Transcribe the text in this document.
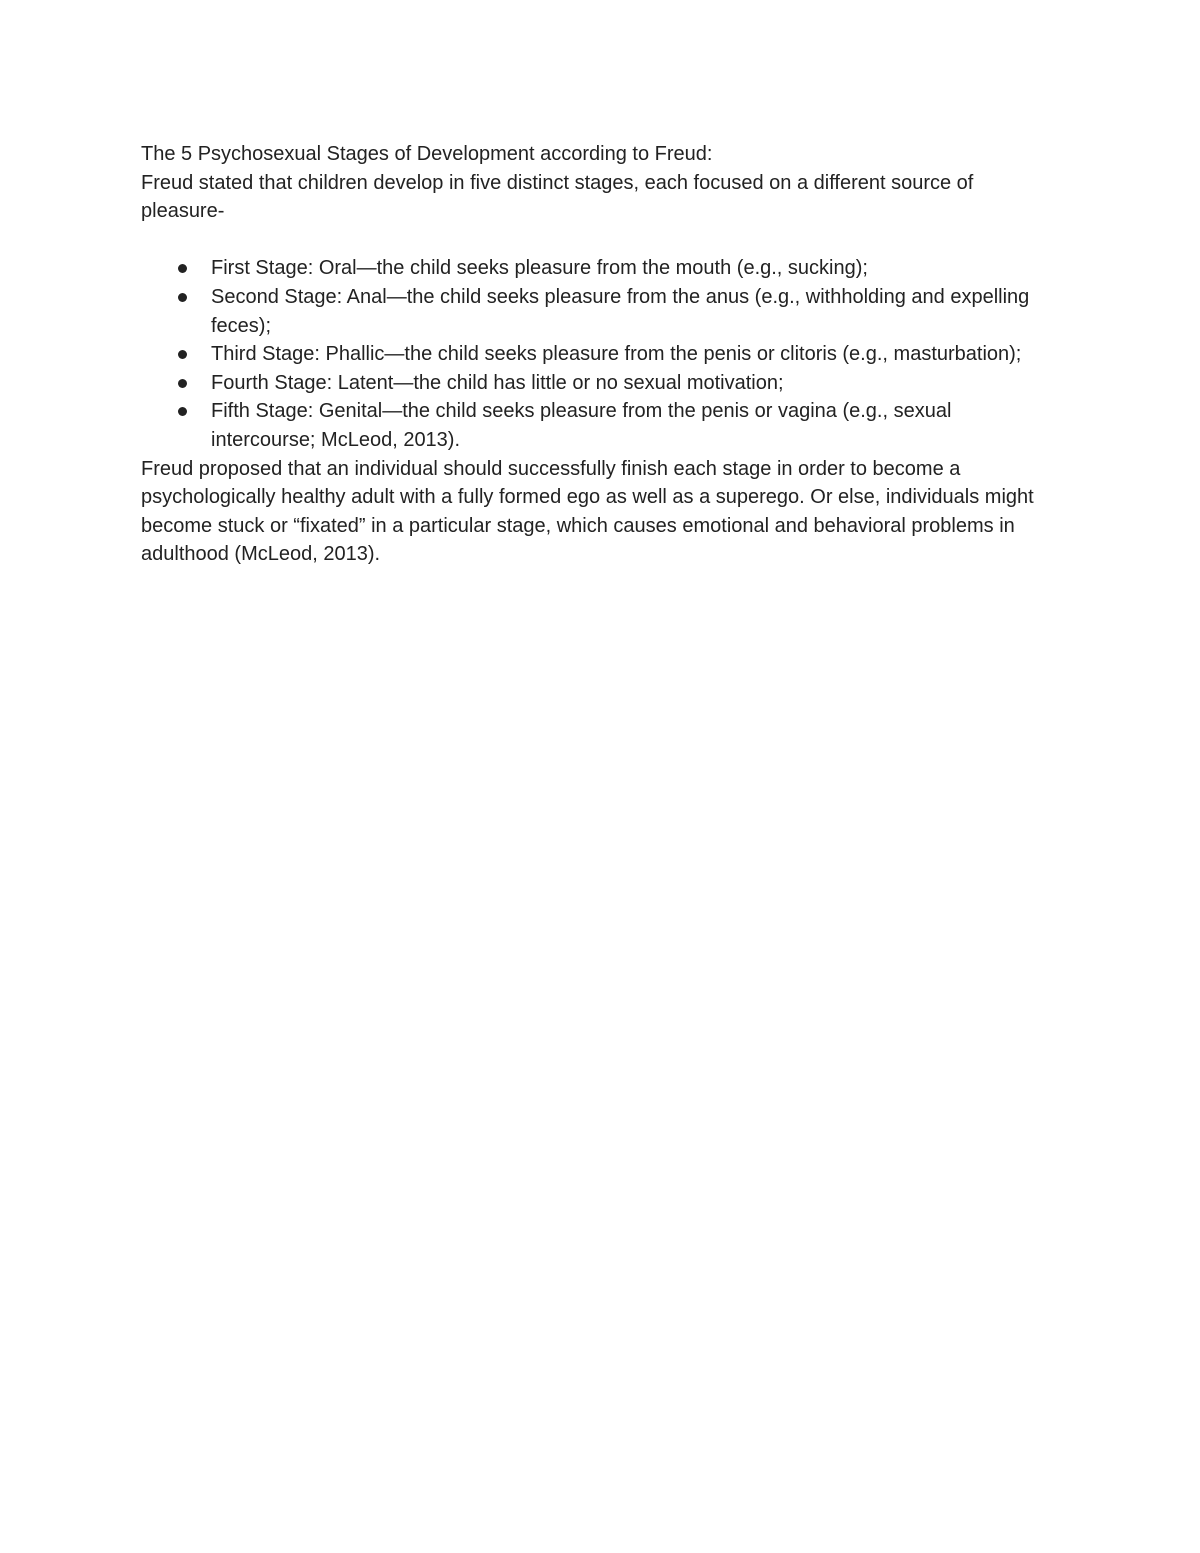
The 5 Psychosexual Stages of Development according to Freud:

Freud stated that children develop in five distinct stages, each focused on a different source of pleasure-

First Stage: Oral—the child seeks pleasure from the mouth (e.g., sucking);
Second Stage: Anal—the child seeks pleasure from the anus (e.g., withholding and expelling feces);
Third Stage: Phallic—the child seeks pleasure from the penis or clitoris (e.g., masturbation);
Fourth Stage: Latent—the child has little or no sexual motivation;
Fifth Stage: Genital—the child seeks pleasure from the penis or vagina (e.g., sexual intercourse; McLeod, 2013).

Freud proposed that an individual should successfully finish each stage in order to become a psychologically healthy adult with a fully formed ego as well as a superego. Or else, individuals might become stuck or “fixated” in a particular stage, which causes emotional and behavioral problems in adulthood (McLeod, 2013).
